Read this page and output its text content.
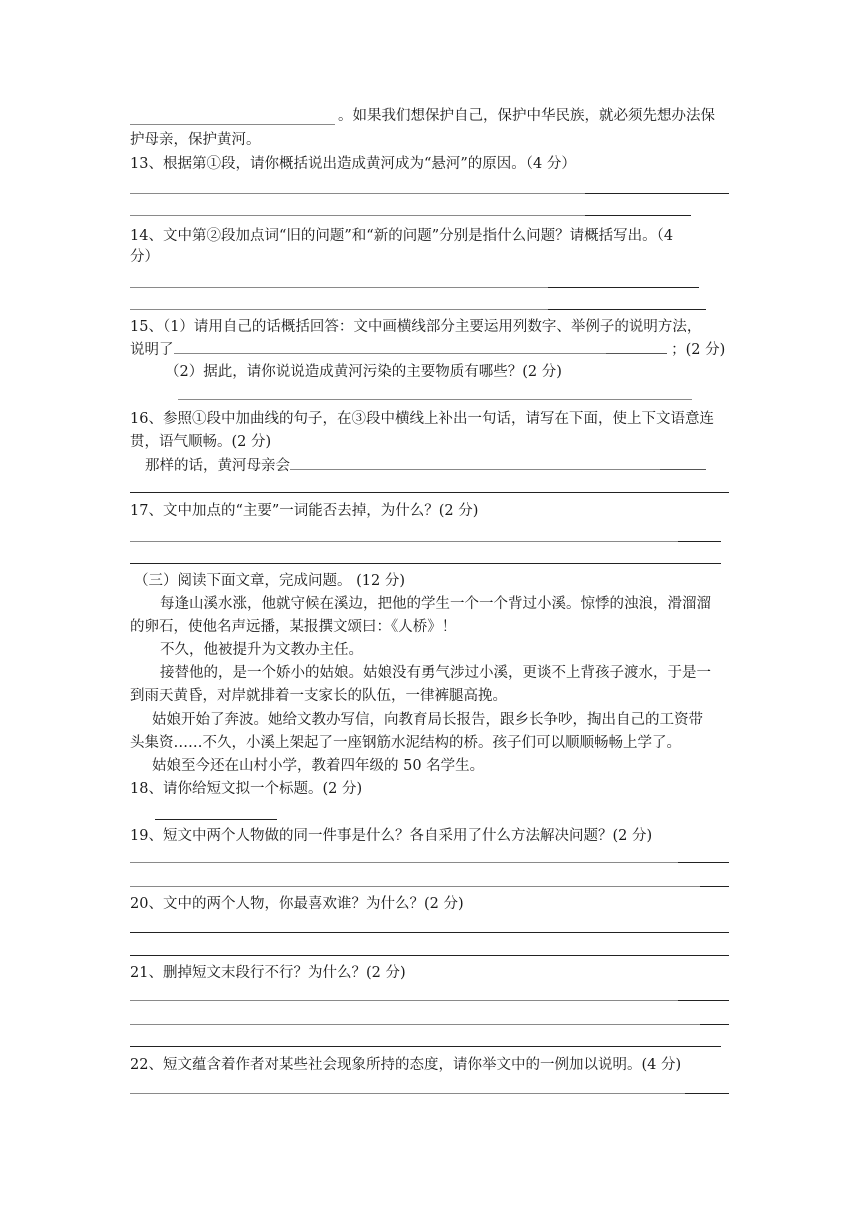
。如果我们想保护自己，保护中华民族，就必须先想办法保
护母亲，保护黄河。
13、根据第①段，请你概括说出造成黄河成为“悬河”的原因。（4 分）
14、文中第②段加点词“旧的问题”和“新的问题”分别是指什么问题？请概括写出。（4
分）
15、（1）请用自己的话概括回答：文中画横线部分主要运用列数字、举例子的说明方法，
说明了	；(2 分)
（2）据此，请你说说造成黄河污染的主要物质有哪些？(2 分)
16、参照①段中加曲线的句子，在③段中横线上补出一句话，请写在下面，使上下文语意连
贯，语气顺畅。(2 分)
那样的话，黄河母亲会
17、文中加点的“主要”一词能否去掉，为什么？(2 分)
（三）阅读下面文章，完成问题。 (12 分)
每逢山溪水涨，他就守候在溪边，把他的学生一个一个背过小溪。惊悸的浊浪，滑溜溜
的卵石，使他名声远播，某报撰文颂曰：《人桥》！
不久，他被提升为文教办主任。
接替他的，是一个娇小的姑娘。姑娘没有勇气涉过小溪，更谈不上背孩子渡水，于是一
到雨天黄昏，对岸就排着一支家长的队伍，一律裤腿高挽。
姑娘开始了奔波。她给文教办写信，向教育局长报告，跟乡长争吵，掏出自己的工资带
头集资……不久，小溪上架起了一座钢筋水泥结构的桥。孩子们可以顺顺畅畅上学了。
姑娘至今还在山村小学，教着四年级的 50 名学生。
18、请你给短文拟一个标题。(2 分)
19、短文中两个人物做的同一件事是什么？各自采用了什么方法解决问题？(2 分)
20、文中的两个人物，你最喜欢谁？为什么？(2 分)
21、删掉短文末段行不行？为什么？(2 分)
22、短文蕴含着作者对某些社会现象所持的态度，请你举文中的一例加以说明。(4 分)
